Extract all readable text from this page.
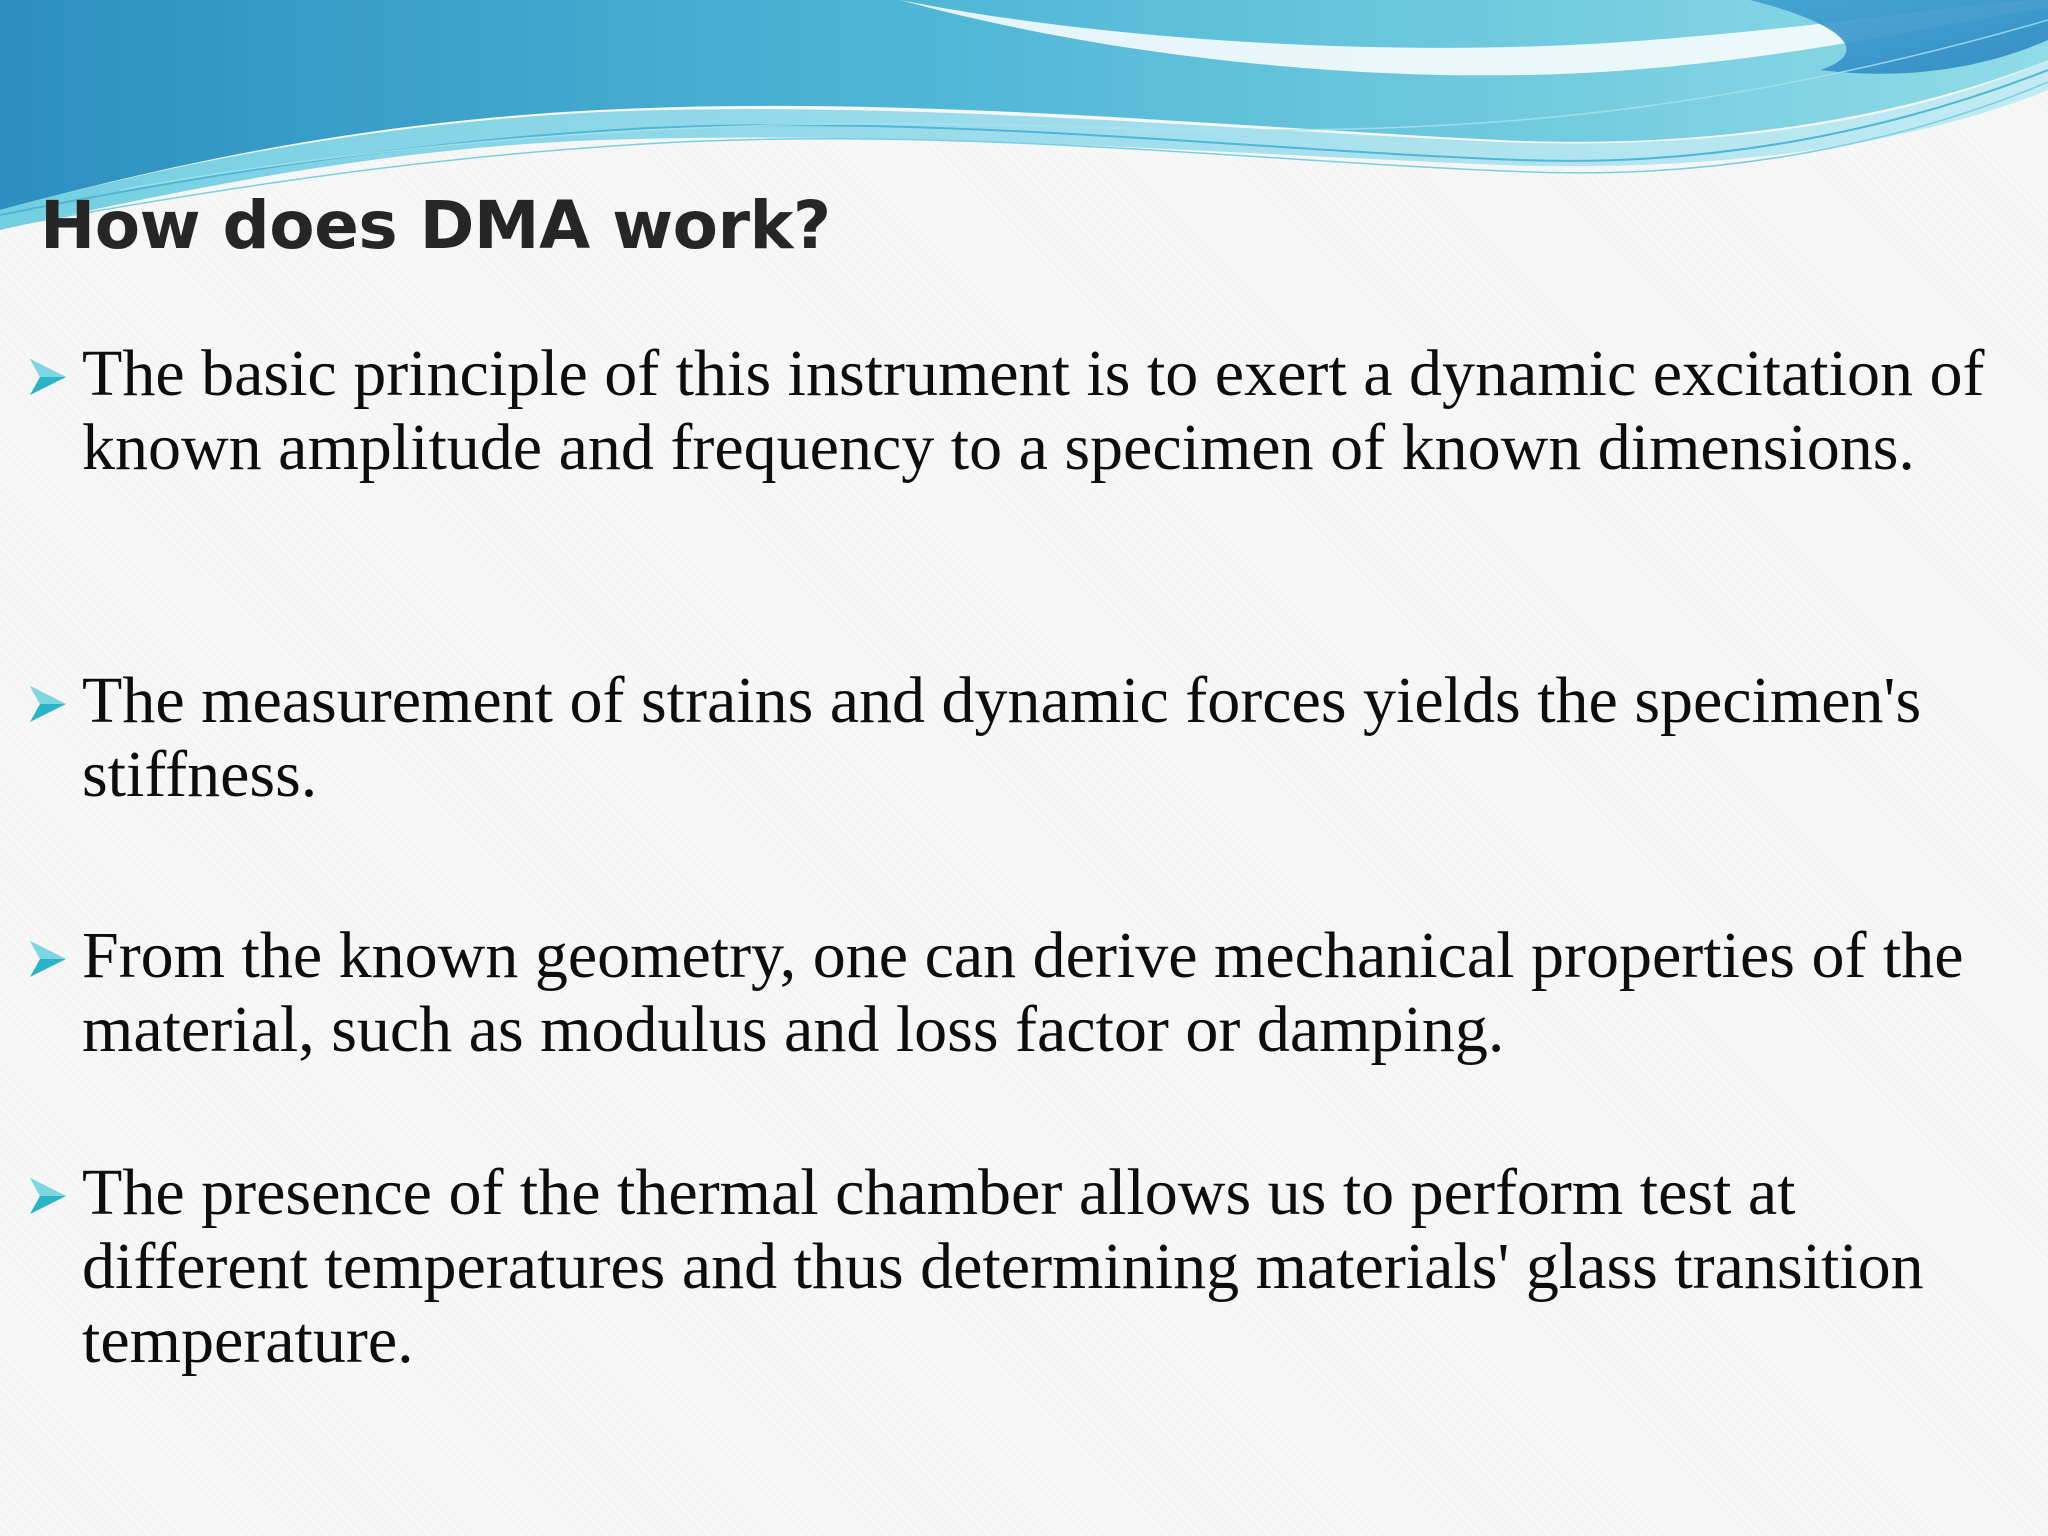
How does DMA work?

The basic principle of this instrument is to exert a dynamic excitation of known amplitude and frequency to a specimen of known dimensions.

The measurement of strains and dynamic forces yields the specimen's stiffness.

From the known geometry, one can derive mechanical properties of the material, such as modulus and loss factor or damping.

The presence of the thermal chamber allows us to perform test at different temperatures and thus determining materials' glass transition temperature.
